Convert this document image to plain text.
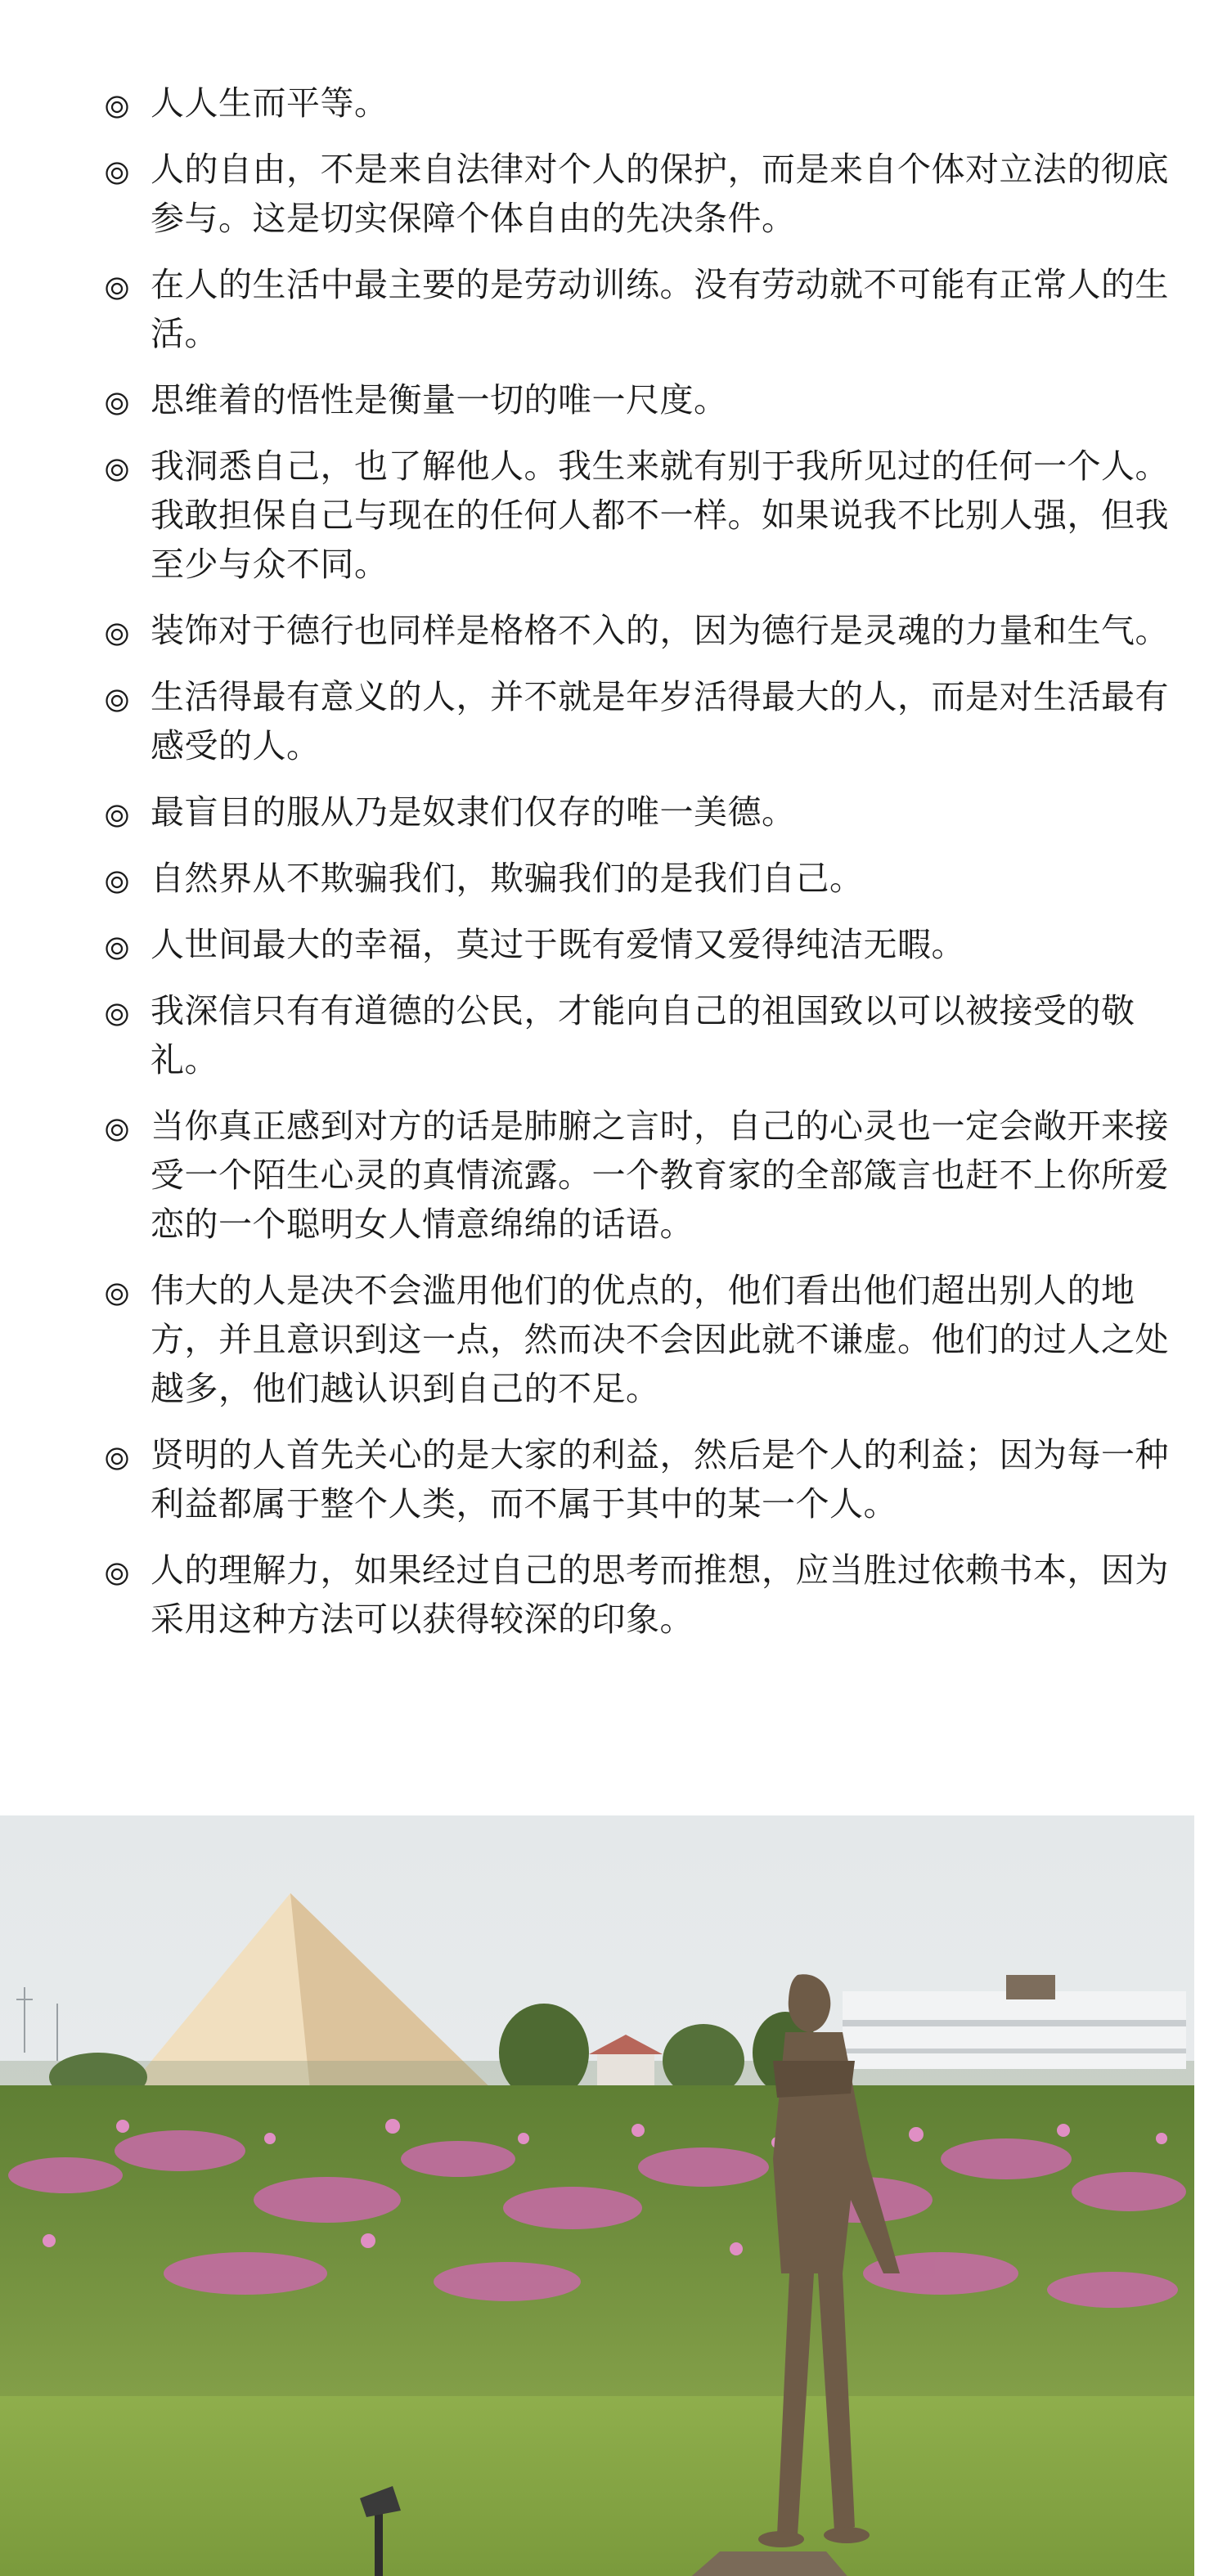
人人生而平等。
人的自由，不是来自法律对个人的保护，而是来自个体对立法的彻底参与。这是切实保障个体自由的先决条件。
在人的生活中最主要的是劳动训练。没有劳动就不可能有正常人的生活。
思维着的悟性是衡量一切的唯一尺度。
我洞悉自己，也了解他人。我生来就有别于我所见过的任何一个人。我敢担保自己与现在的任何人都不一样。如果说我不比别人强，但我至少与众不同。
装饰对于德行也同样是格格不入的，因为德行是灵魂的力量和生气。
生活得最有意义的人，并不就是年岁活得最大的人，而是对生活最有感受的人。
最盲目的服从乃是奴隶们仅存的唯一美德。
自然界从不欺骗我们，欺骗我们的是我们自己。
人世间最大的幸福，莫过于既有爱情又爱得纯洁无暇。
我深信只有有道德的公民，才能向自己的祖国致以可以被接受的敬礼。
当你真正感到对方的话是肺腑之言时，自己的心灵也一定会敞开来接受一个陌生心灵的真情流露。一个教育家的全部箴言也赶不上你所爱恋的一个聪明女人情意绵绵的话语。
伟大的人是决不会滥用他们的优点的，他们看出他们超出别人的地方，并且意识到这一点，然而决不会因此就不谦虚。他们的过人之处越多，他们越认识到自己的不足。
贤明的人首先关心的是大家的利益，然后是个人的利益；因为每一种利益都属于整个人类，而不属于其中的某一个人。
人的理解力，如果经过自己的思考而推想，应当胜过依赖书本，因为采用这种方法可以获得较深的印象。
